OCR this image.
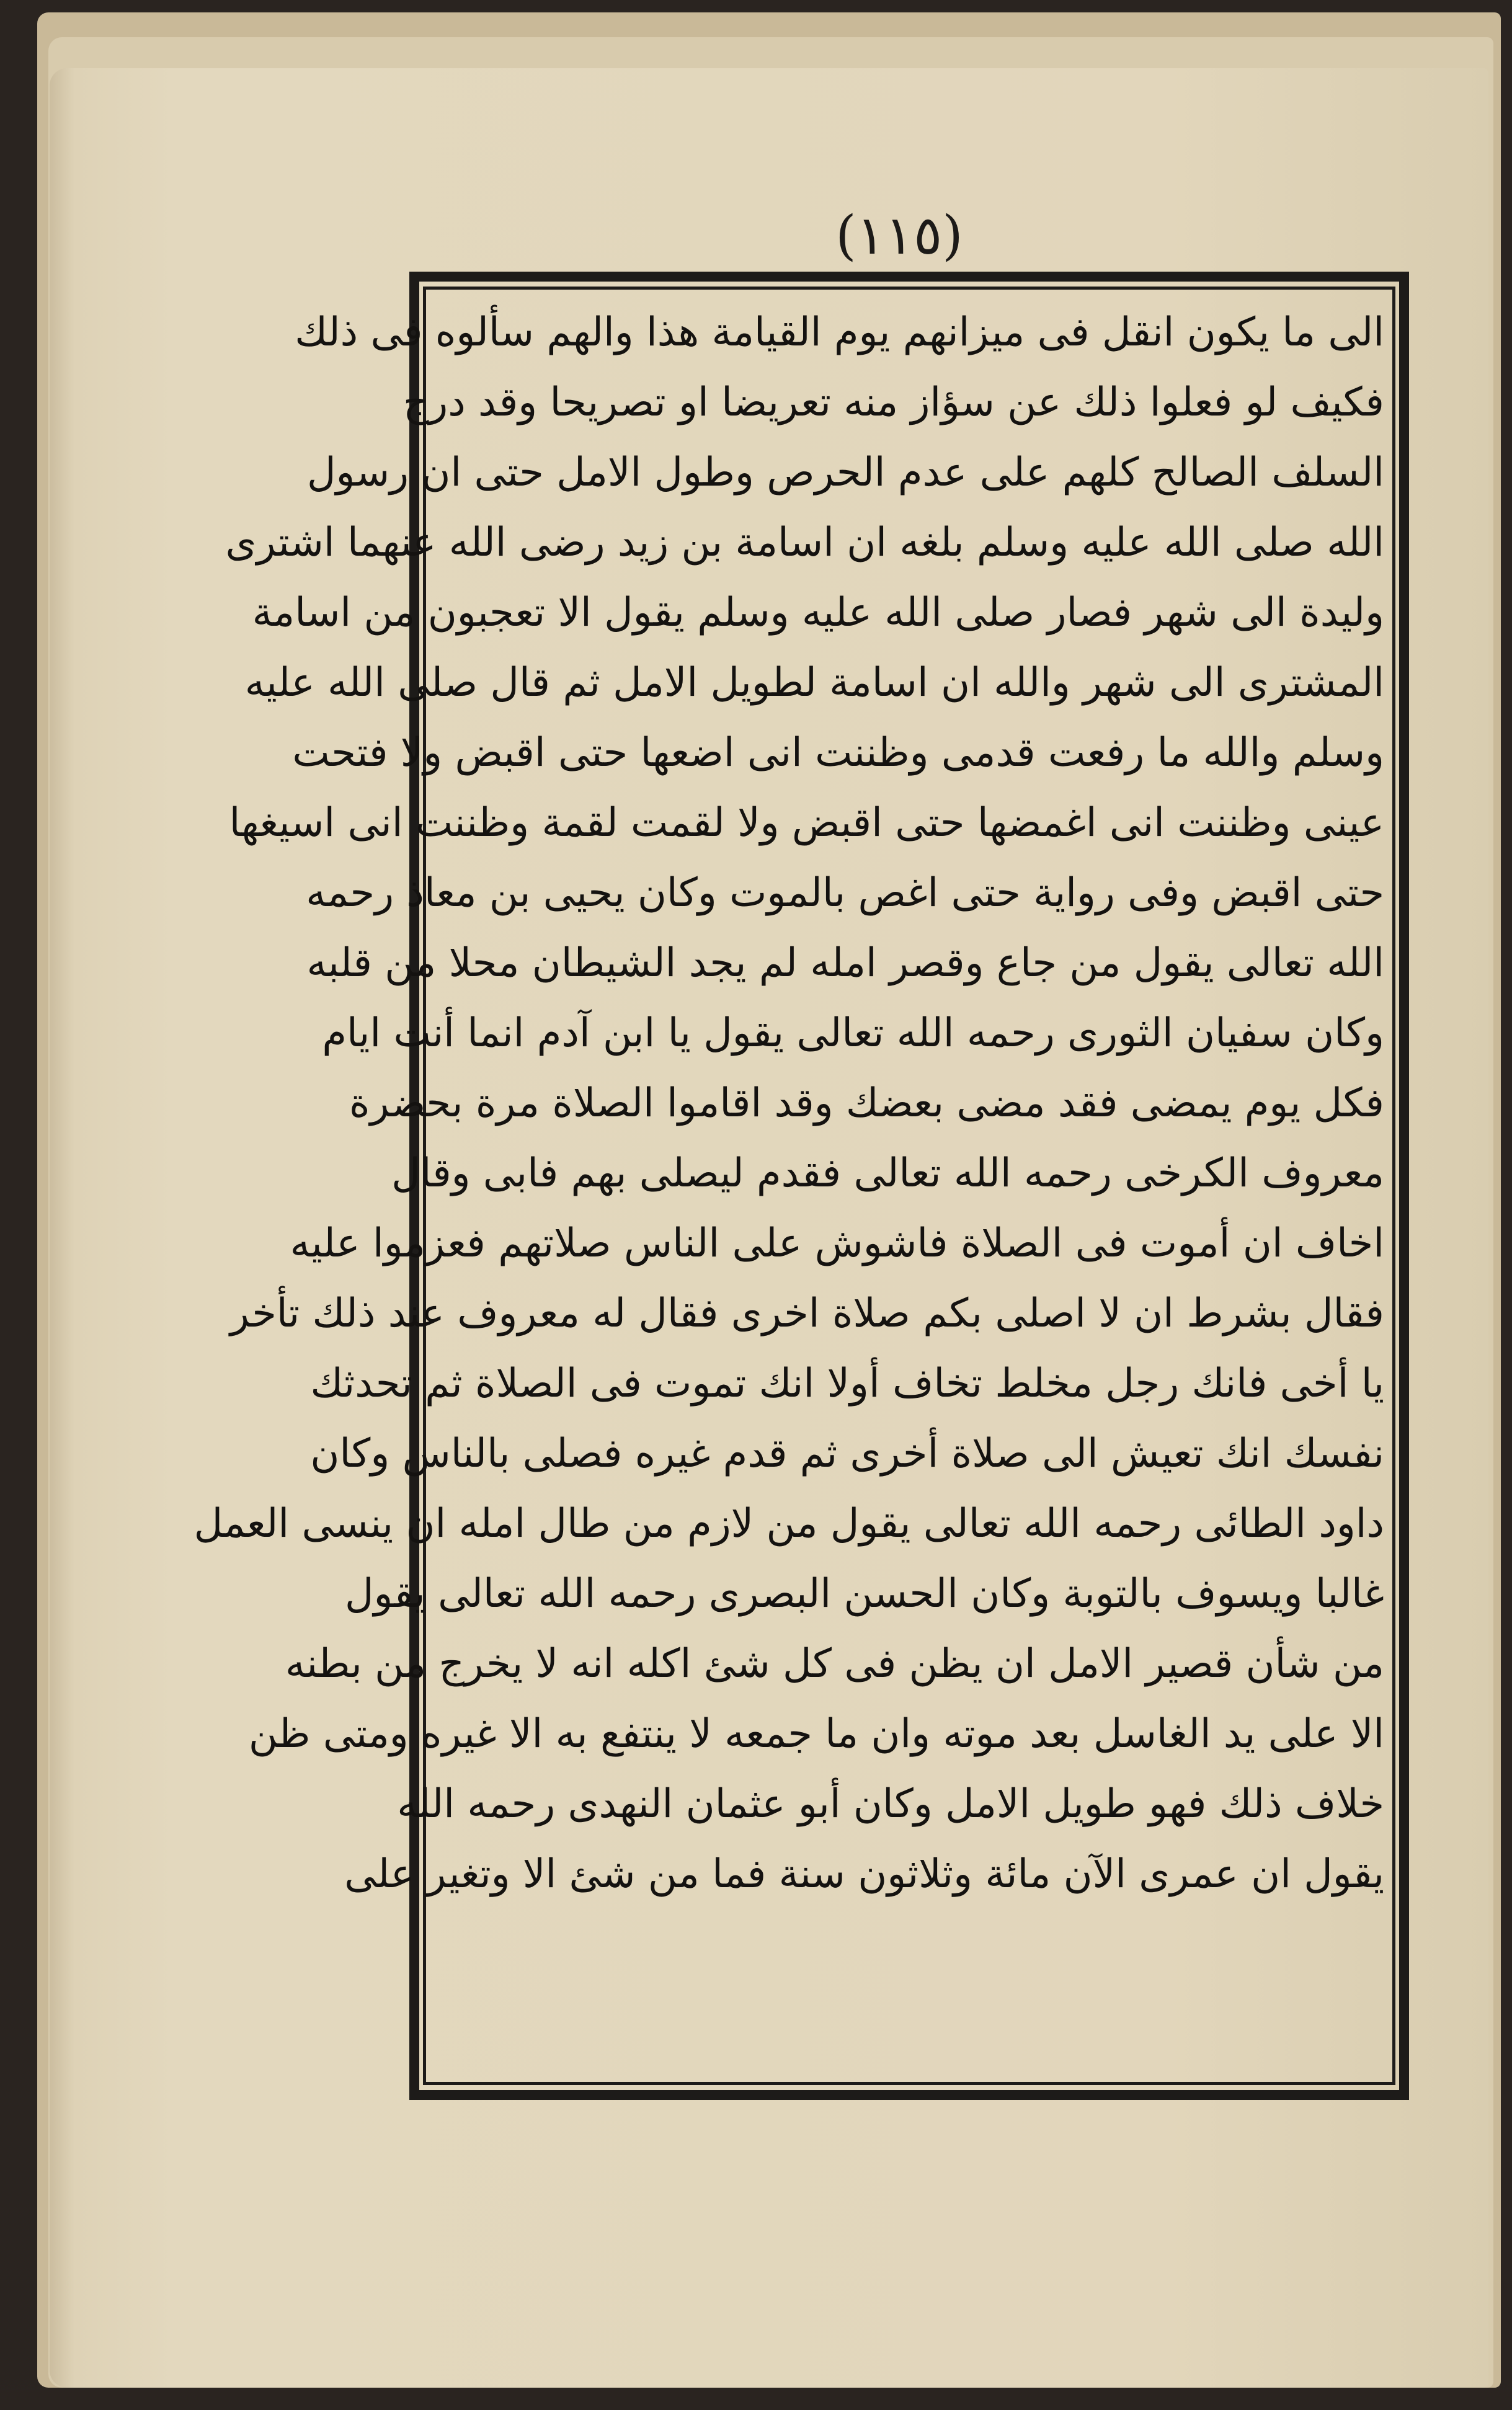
(١١٥)
الى ما يكون انقل فى ميزانهم يوم القيامة هذا والهم سألوه فى ذلك
فكيف لو فعلوا ذلك عن سؤاز منه تعريضا او تصريحا وقد درج
السلف الصالح كلهم على عدم الحرص وطول الامل حتى ان رسول
الله صلى الله عليه وسلم بلغه ان اسامة بن زيد رضى الله عنهما اشترى
وليدة الى شهر فصار صلى الله عليه وسلم يقول الا تعجبون من اسامة
المشترى الى شهر والله ان اسامة لطويل الامل ثم قال صلى الله عليه
وسلم والله ما رفعت قدمى وظننت انى اضعها حتى اقبض ولا فتحت
عينى وظننت انى اغمضها حتى اقبض ولا لقمت لقمة وظننت انى اسيغها
حتى اقبض وفى رواية حتى اغص بالموت وكان يحيى بن معاذ رحمه
الله تعالى يقول من جاع وقصر امله لم يجد الشيطان محلا من قلبه
وكان سفيان الثورى رحمه الله تعالى يقول يا ابن آدم انما أنت ايام
فكل يوم يمضى فقد مضى بعضك وقد اقاموا الصلاة مرة بحضرة
معروف الكرخى رحمه الله تعالى فقدم ليصلى بهم فابى وقال
اخاف ان أموت فى الصلاة فاشوش على الناس صلاتهم فعزموا عليه
فقال بشرط ان لا اصلى بكم صلاة اخرى فقال له معروف عند ذلك تأخر
يا أخى فانك رجل مخلط تخاف أولا انك تموت فى الصلاة ثم تحدثك
نفسك انك تعيش الى صلاة أخرى ثم قدم غيره فصلى بالناس وكان
داود الطائى رحمه الله تعالى يقول من لازم من طال امله ان ينسى العمل
غالبا ويسوف بالتوبة وكان الحسن البصرى رحمه الله تعالى يقول
من شأن قصير الامل ان يظن فى كل شئ اكله انه لا يخرج من بطنه
الا على يد الغاسل بعد موته وان ما جمعه لا ينتفع به الا غيره ومتى ظن
خلاف ذلك فهو طويل الامل وكان أبو عثمان النهدى رحمه الله
يقول ان عمرى الآن مائة وثلاثون سنة فما من شئ الا وتغير على
